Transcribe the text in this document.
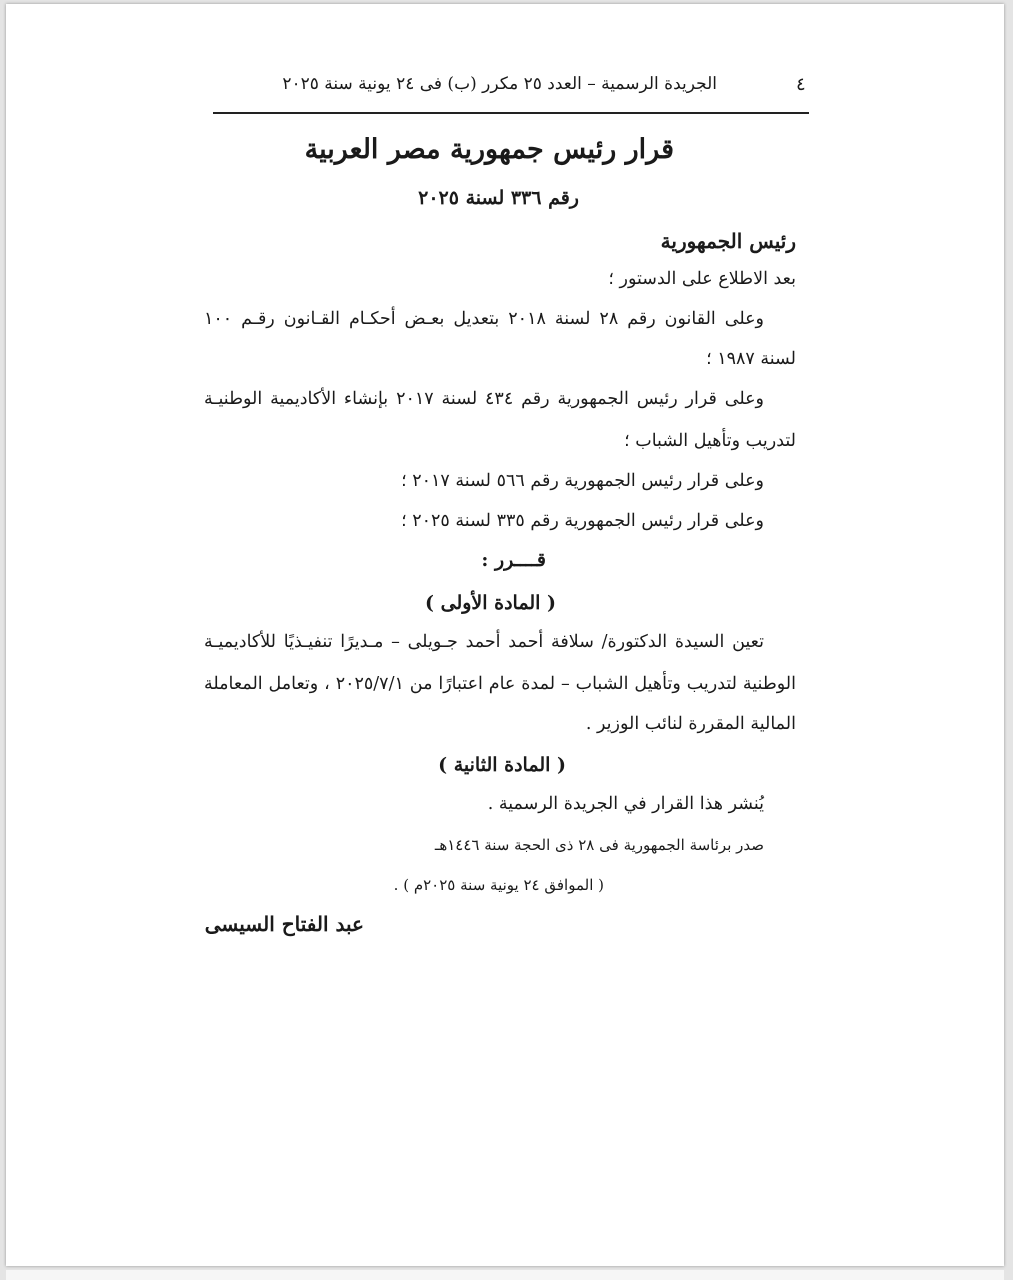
٤
الجريدة الرسمية – العدد ٢٥ مكرر (ب) فى ٢٤ يونية سنة ٢٠٢٥
قرار رئيس جمهورية مصر العربية
رقم ٣٣٦ لسنة ٢٠٢٥
رئيس الجمهورية
بعد الاطلاع على الدستور ؛
وعلى القانون رقم ٢٨ لسنة ٢٠١٨ بتعديل بعـض أحكـام القـانون رقـم ١٠٠
لسنة ١٩٨٧ ؛
وعلى قرار رئيس الجمهورية رقم ٤٣٤ لسنة ٢٠١٧ بإنشاء الأكاديمية الوطنيـة
لتدريب وتأهيل الشباب ؛
وعلى قرار رئيس الجمهورية رقم ٥٦٦ لسنة ٢٠١٧ ؛
وعلى قرار رئيس الجمهورية رقم ٣٣٥ لسنة ٢٠٢٥ ؛
قــــرر :
( المادة الأولى )
تعين السيدة الدكتورة/ سلافة أحمد أحمد جـويلى – مـديرًا تنفيـذيًا للأكاديميـة
الوطنية لتدريب وتأهيل الشباب – لمدة عام اعتبارًا من ٢٠٢٥/٧/١ ، وتعامل المعاملة
المالية المقررة لنائب الوزير .
( المادة الثانية )
يُنشر هذا القرار في الجريدة الرسمية .
صدر برئاسة الجمهورية فى ٢٨ ذى الحجة سنة ١٤٤٦هـ
( الموافق ٢٤ يونية سنة ٢٠٢٥م ) .
عبد الفتاح السيسى
